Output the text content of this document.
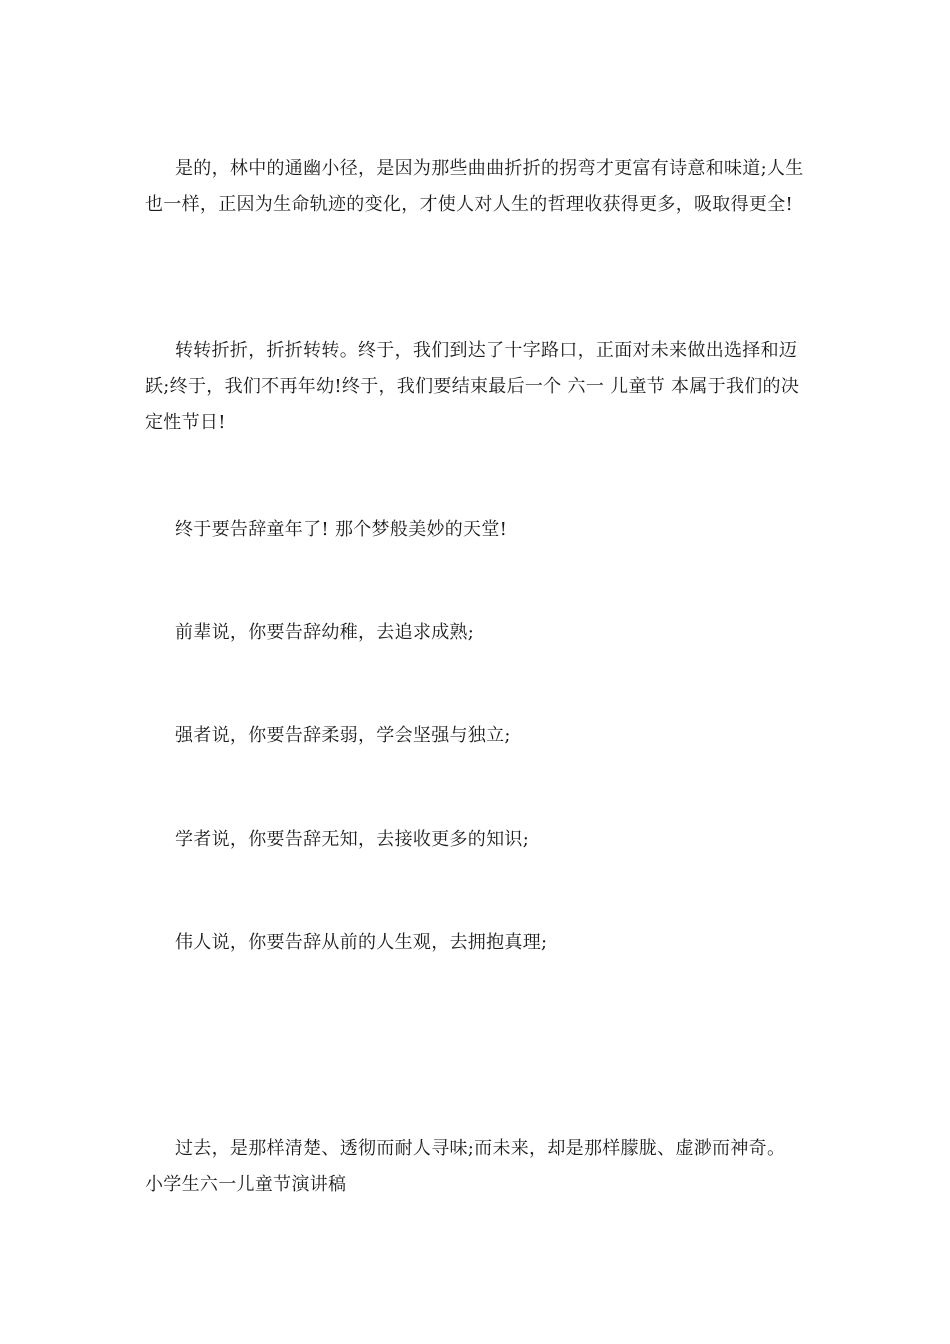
是的，林中的通幽小径，是因为那些曲曲折折的拐弯才更富有诗意和味道;人生也一样，正因为生命轨迹的变化，才使人对人生的哲理收获得更多，吸取得更全!

转转折折，折折转转。终于，我们到达了十字路口，正面对未来做出选择和迈跃;终于，我们不再年幼!终于，我们要结束最后一个 六一 儿童节 本属于我们的决定性节日!

终于要告辞童年了! 那个梦般美妙的天堂!

前辈说，你要告辞幼稚，去追求成熟;

强者说，你要告辞柔弱，学会坚强与独立;

学者说，你要告辞无知，去接收更多的知识;

伟人说，你要告辞从前的人生观，去拥抱真理;

过去，是那样清楚、透彻而耐人寻味;而未来，却是那样朦胧、虚渺而神奇。

小学生六一儿童节演讲稿
